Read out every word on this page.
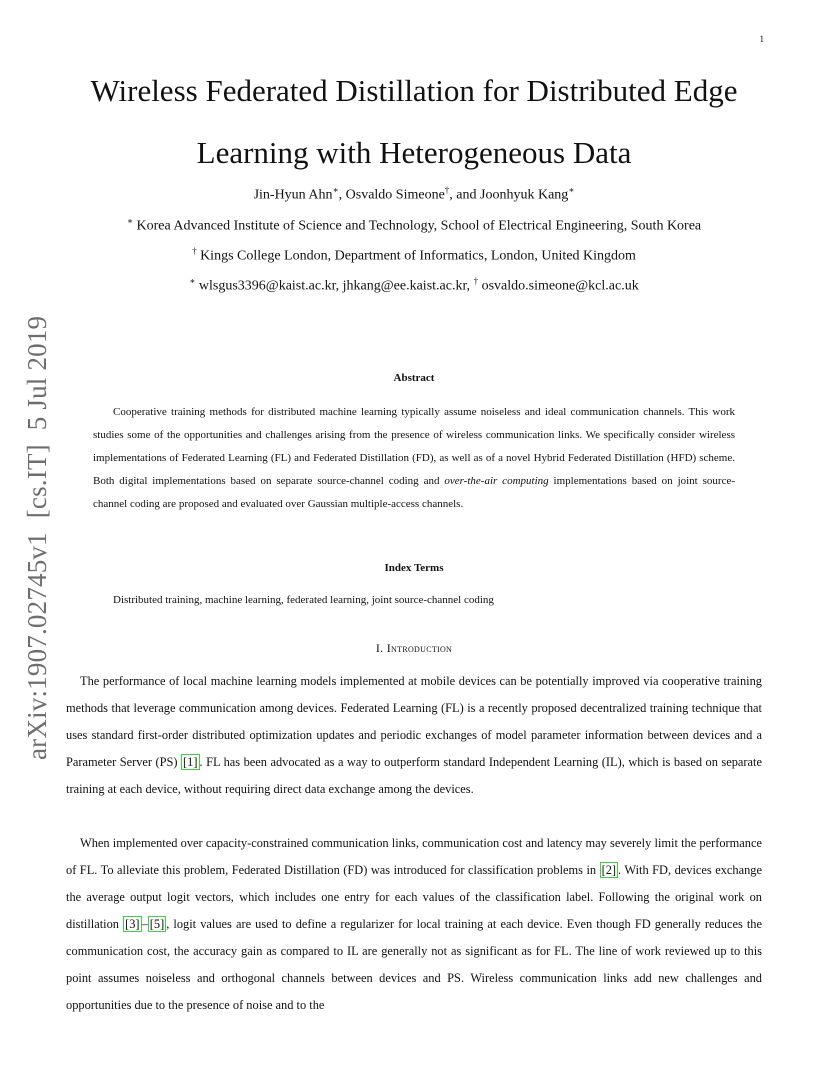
1
arXiv:1907.02745v1  [cs.IT]  5 Jul 2019
Wireless Federated Distillation for Distributed Edge
Learning with Heterogeneous Data
Jin-Hyun Ahn∗, Osvaldo Simeone†, and Joonhyuk Kang∗
∗ Korea Advanced Institute of Science and Technology, School of Electrical Engineering, South Korea
† Kings College London, Department of Informatics, London, United Kingdom
∗ wlsgus3396@kaist.ac.kr, jhkang@ee.kaist.ac.kr, † osvaldo.simeone@kcl.ac.uk
Abstract

Cooperative training methods for distributed machine learning typically assume noiseless and ideal communication channels. This work studies some of the opportunities and challenges arising from the presence of wireless communication links. We specifically consider wireless implementations of Federated Learning (FL) and Federated Distillation (FD), as well as of a novel Hybrid Federated Distillation (HFD) scheme. Both digital implementations based on separate source-channel coding and over-the-air computing implementations based on joint source-channel coding are proposed and evaluated over Gaussian multiple-access channels.

Index Terms
Distributed training, machine learning, federated learning, joint source-channel coding
I. Introduction

The performance of local machine learning models implemented at mobile devices can be potentially improved via cooperative training methods that leverage communication among devices. Federated Learning (FL) is a recently proposed decentralized training technique that uses standard first-order distributed optimization updates and periodic exchanges of model parameter information between devices and a Parameter Server (PS) [1] . FL has been advocated as a way to outperform standard Independent Learning (IL), which is based on separate training at each device, without requiring direct data exchange among the devices.

When implemented over capacity-constrained communication links, communication cost and latency may severely limit the performance of FL. To alleviate this problem, Federated Distillation (FD) was introduced for classification problems in [2] . With FD, devices exchange the average output logit vectors, which includes one entry for each values of the classification label. Following the original work on distillation [3] – [5] , logit values are used to define a regularizer for local training at each device. Even though FD generally reduces the communication cost, the accuracy gain as compared to IL are generally not as significant as for FL. The line of work reviewed up to this point assumes noiseless and orthogonal channels between devices and PS. Wireless communication links add new challenges and opportunities due to the presence of noise and to the
